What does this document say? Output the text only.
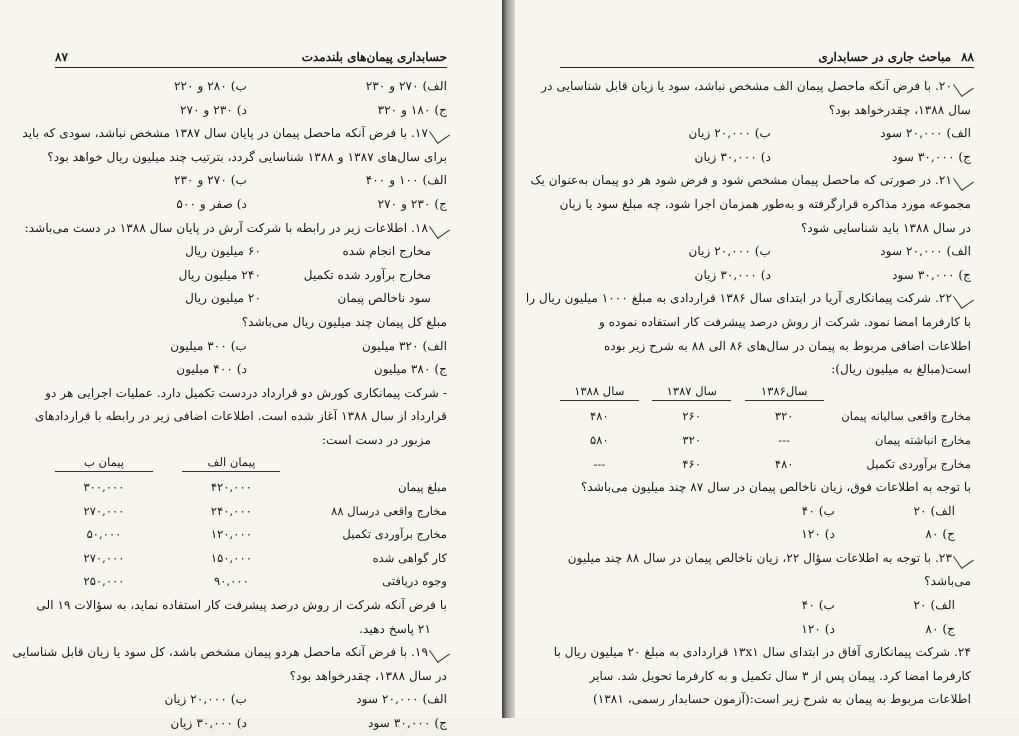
حسابداری پیمان‌های بلندمدت
۸۷
الف) ۲۷۰ و ۲۳۰
ب) ۲۸۰ و ۲۲۰
ج) ۱۸۰ و ۳۲۰
د) ۲۳۰ و ۲۷۰
۱۷. با فرض آنکه ماحصل پیمان در پایان سال ۱۳۸۷ مشخص نباشد، سودی که باید
برای سال‌های ۱۳۸۷ و ۱۳۸۸ شناسایی گردد، بترتیب چند میلیون ریال خواهد بود؟
الف) ۱۰۰ و ۴۰۰
ب) ۲۷۰ و ۲۳۰
ج) ۲۳۰ و ۲۷۰
د) صفر و ۵۰۰
۱۸. اطلاعات زیر در رابطه با شرکت آرش در پایان سال ۱۳۸۸ در دست می‌باشد:
مخارج انجام شده
۶۰ میلیون ریال
مخارج برآورد شده تکمیل
۲۴۰ میلیون ریال
سود ناخالص پیمان
۲۰ میلیون ریال
مبلغ کل پیمان چند میلیون ریال می‌باشد؟
الف) ۳۲۰ میلیون
ب) ۳۰۰ میلیون
ج) ۳۸۰ میلیون
د) ۴۰۰ میلیون
- شرکت پیمانکاری کورش دو قرارداد دردست تکمیل دارد. عملیات اجرایی هر دو
قرارداد از سال ۱۳۸۸ آغاز شده است. اطلاعات اضافی زیر در رابطه با قراردادهای
مزبور در دست است:
پیمان الف
پیمان ب
مبلغ پیمان
۴۲۰,۰۰۰
۳۰۰,۰۰۰
مخارج واقعی درسال ۸۸
۲۴۰,۰۰۰
۲۷۰,۰۰۰
مخارج برآوردی تکمیل
۱۲۰,۰۰۰
۵۰,۰۰۰
کار گواهی شده
۱۵۰,۰۰۰
۲۷۰,۰۰۰
وجوه دریافتی
۹۰,۰۰۰
۲۵۰,۰۰۰
با فرض آنکه شرکت از روش درصد پیشرفت کار استفاده نماید، به سؤالات ۱۹ الی
۲۱ پاسخ دهید.
۱۹. با فرض آنکه ماحصل هردو پیمان مشخص باشد، کل سود یا زیان قابل شناسایی
در سال ۱۳۸۸، چقدرخواهد بود؟
الف) ۲۰,۰۰۰ سود
ب) ۲۰,۰۰۰ زیان
ج) ۳۰,۰۰۰ سود
د) ۳۰,۰۰۰ زیان
۸۸
مباحث جاری در حسابداری
۲۰. با فرض آنکه ماحصل پیمان الف مشخص نباشد، سود یا زیان قابل شناسایی در
سال ۱۳۸۸، چقدرخواهد بود؟
الف) ۲۰,۰۰۰ سود
ب) ۲۰,۰۰۰ زیان
ج) ۳۰,۰۰۰ سود
د) ۳۰,۰۰۰ زیان
۲۱. در صورتی که ماحصل پیمان مشخص شود و فرض شود هر دو پیمان به‌عنوان یک
مجموعه مورد مذاکره قرارگرفته و به‌طور همزمان اجرا شود، چه مبلغ سود یا زیان
در سال ۱۳۸۸ باید شناسایی شود؟
الف) ۲۰,۰۰۰ سود
ب) ۲۰,۰۰۰ زیان
ج) ۳۰,۰۰۰ سود
د) ۳۰,۰۰۰ زیان
۲۲. شرکت پیمانکاری آریا در ابتدای سال ۱۳۸۶ قراردادی به مبلغ ۱۰۰۰ میلیون ریال را
با کارفرما امضا نمود. شرکت از روش درصد پیشرفت کار استفاده نموده و
اطلاعات اضافی مربوط به پیمان در سال‌های ۸۶ الی ۸۸ به شرح زیر بوده
است(مبالغ به میلیون ریال):
سال۱۳۸۶
سال ۱۳۸۷
سال ۱۳۸۸
مخارج واقعی سالیانه پیمان
۳۲۰
۲۶۰
۴۸۰
مخارج انباشته پیمان
---
۳۲۰
۵۸۰
مخارج برآوردی تکمیل
۴۸۰
۴۶۰
---
با توجه به اطلاعات فوق، زیان ناخالص پیمان در سال ۸۷ چند میلیون می‌باشد؟
الف) ۲۰
ب) ۴۰
ج) ۸۰
د) ۱۲۰
۲۳. با توجه به اطلاعات سؤال ۲۲، زیان ناخالص پیمان در سال ۸۸ چند میلیون
می‌باشد؟
الف) ۲۰
ب) ۴۰
ج) ۸۰
د) ۱۲۰
۲۴. شرکت پیمانکاری آفاق در ابتدای سال ۱۳x۱ قراردادی به مبلغ ۲۰ میلیون ریال با
کارفرما امضا کرد. پیمان پس از ۳ سال تکمیل و به کارفرما تحویل شد. سایر
اطلاعات مربوط به پیمان به شرح زیر است:(آزمون حسابدار رسمی، ۱۳۸۱)
